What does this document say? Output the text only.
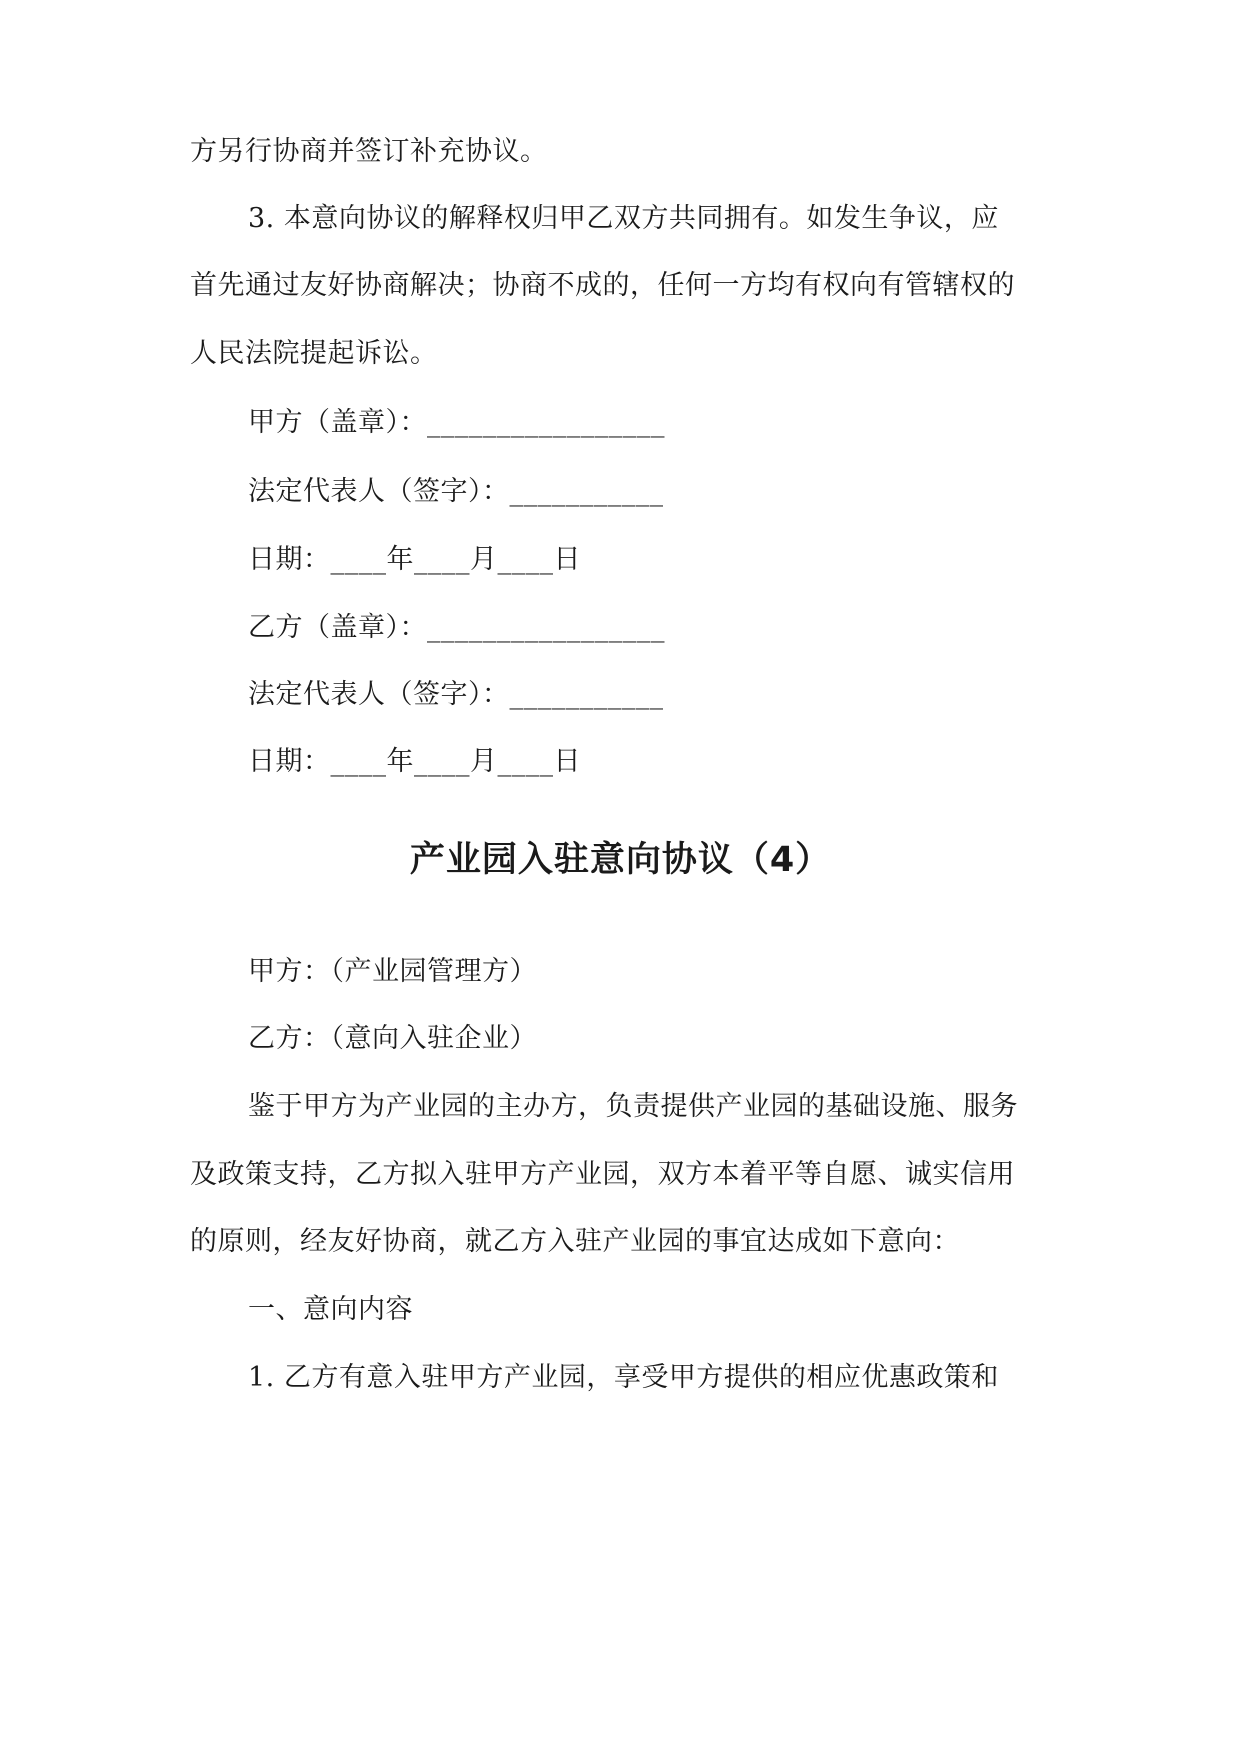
方另行协商并签订补充协议。
3. 本意向协议的解释权归甲乙双方共同拥有。如发生争议，应
首先通过友好协商解决；协商不成的，任何一方均有权向有管辖权的
人民法院提起诉讼。
甲方（盖章）：_________________
法定代表人（签字）：___________
日期：____年____月____日
乙方（盖章）：_________________
法定代表人（签字）：___________
日期：____年____月____日
产业园入驻意向协议（4）
甲方：（产业园管理方）
乙方：（意向入驻企业）
鉴于甲方为产业园的主办方，负责提供产业园的基础设施、服务
及政策支持，乙方拟入驻甲方产业园，双方本着平等自愿、诚实信用
的原则，经友好协商，就乙方入驻产业园的事宜达成如下意向：
一、意向内容
1. 乙方有意入驻甲方产业园，享受甲方提供的相应优惠政策和
